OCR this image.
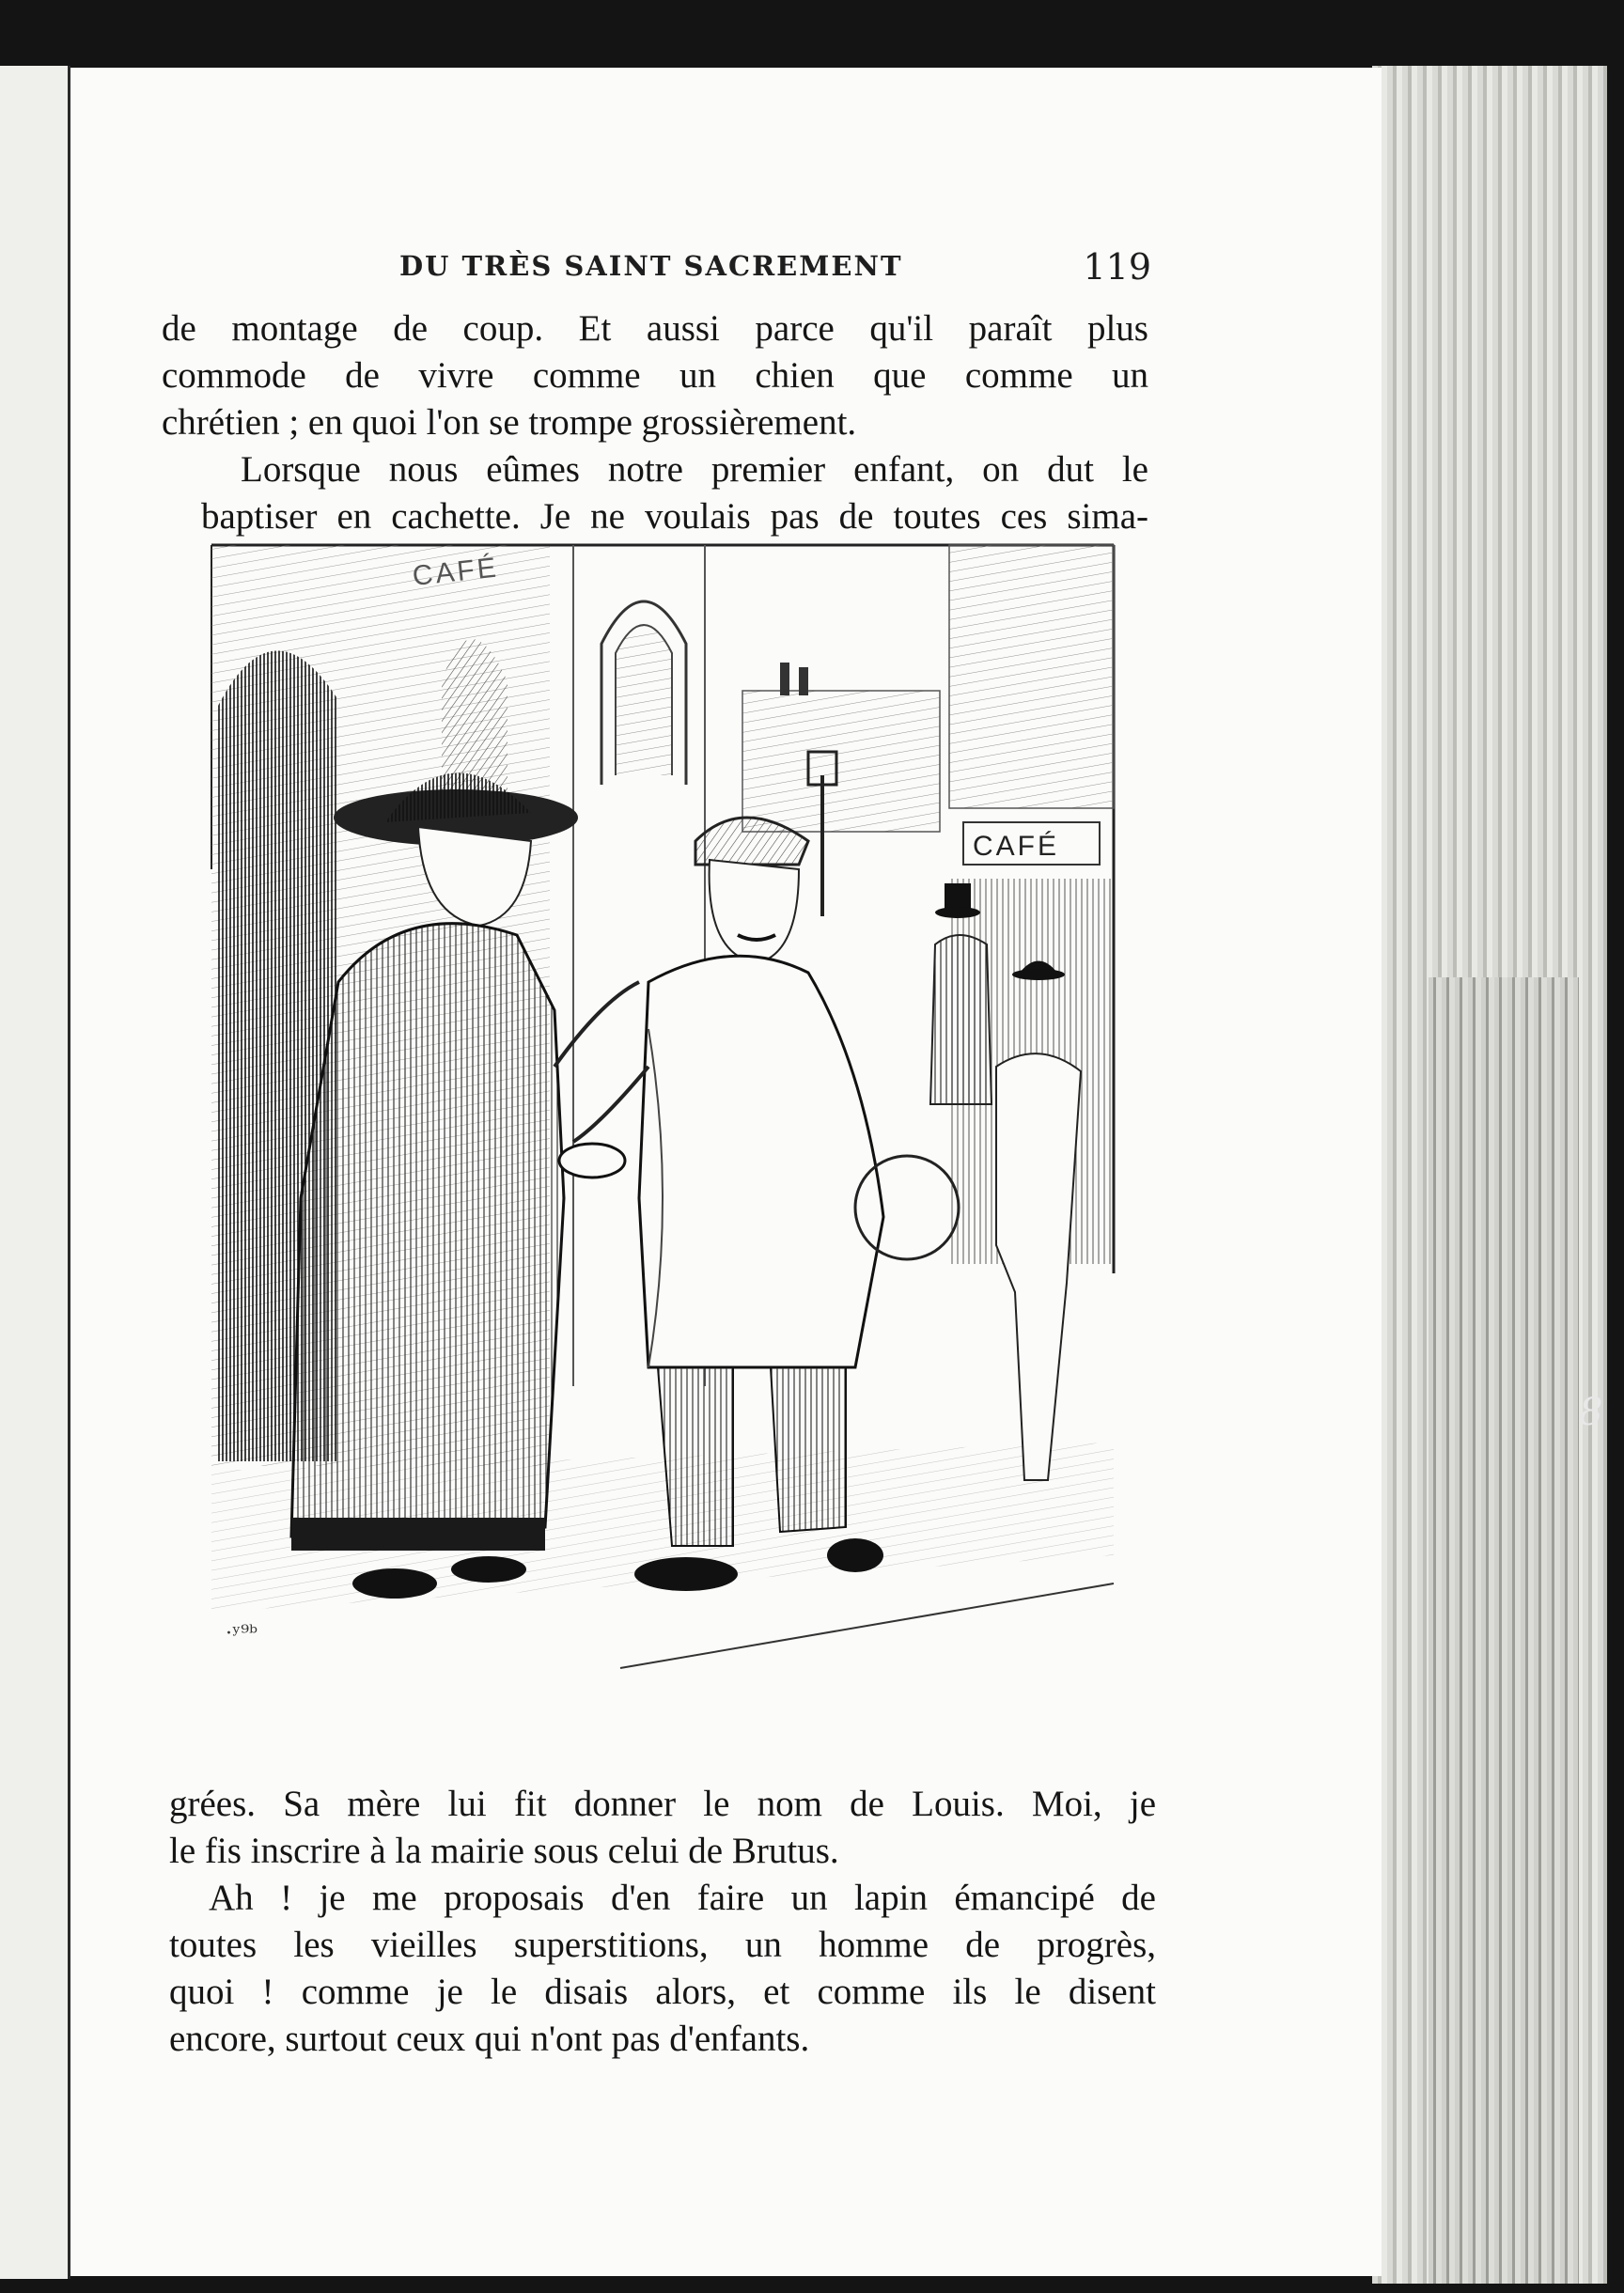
DU TRÈS SAINT SACREMENT	119

de montage de coup. Et aussi parce qu'il paraît plus
commode de vivre comme un chien que comme un
chrétien ; en quoi l'on se trompe grossièrement.

Lorsque nous eûmes notre premier enfant, on dut le
baptiser en cachette. Je ne voulais pas de toutes ces sima-

CAFÉ
CAFÉ
·ʸ⁹ᵇ

grées. Sa mère lui fit donner le nom de Louis. Moi, je
le fis inscrire à la mairie sous celui de Brutus.

Ah ! je me proposais d'en faire un lapin émancipé de
toutes les vieilles superstitions, un homme de progrès,
quoi ! comme je le disais alors, et comme ils le disent
encore, surtout ceux qui n'ont pas d'enfants.

8
